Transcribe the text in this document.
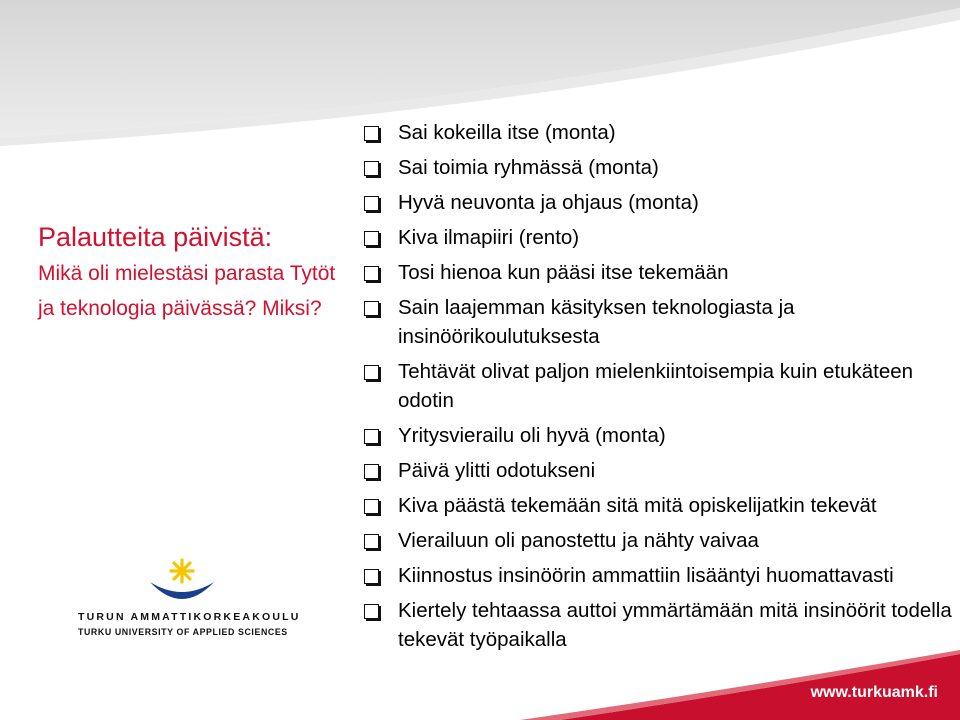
Palautteita päivistä:
Mikä oli mielestäsi parasta Tytöt ja teknologia päivässä? Miksi?
Sai kokeilla itse (monta)
Sai toimia ryhmässä (monta)
Hyvä neuvonta ja ohjaus (monta)
Kiva ilmapiiri (rento)
Tosi hienoa kun pääsi itse tekemään
Sain laajemman käsityksen teknologiasta ja insinöörikoulutuksesta
Tehtävät olivat paljon mielenkiintoisempia kuin etukäteen odotin
Yritysvierailu oli hyvä (monta)
Päivä ylitti odotukseni
Kiva päästä tekemään sitä mitä opiskelijatkin tekevät
Vierailuun oli panostettu ja nähty vaivaa
Kiinnostus insinöörin ammattiin lisääntyi huomattavasti
Kiertely tehtaassa auttoi ymmärtämään mitä insinöörit todella tekevät työpaikalla
TURUN AMMATTIKORKEAKOULU
TURKU UNIVERSITY OF APPLIED SCIENCES
www.turkuamk.fi
